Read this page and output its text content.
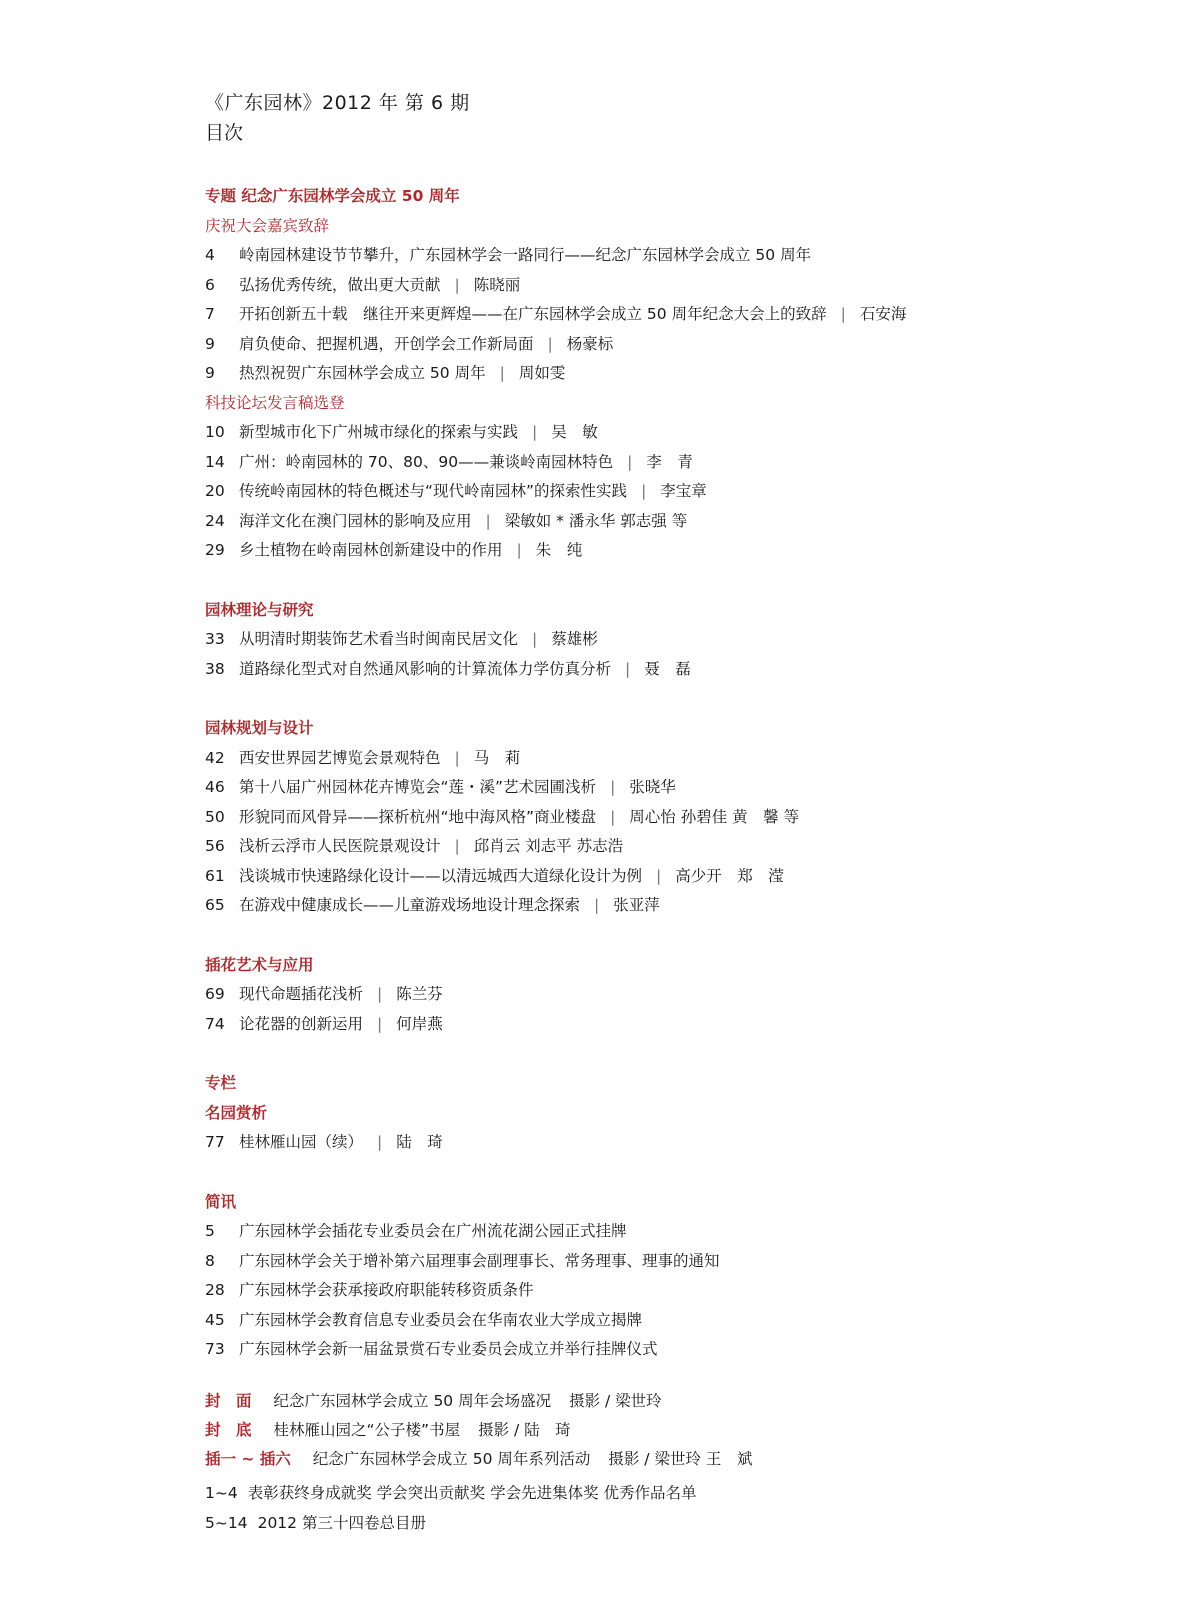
《广东园林》2012 年 第 6 期
目次
专题 纪念广东园林学会成立 50 周年
庆祝大会嘉宾致辞
4 岭南园林建设节节攀升，广东园林学会一路同行——纪念广东园林学会成立 50 周年
6 弘扬优秀传统，做出更大贡献 | 陈晓丽
7 开拓创新五十载　继往开来更辉煌——在广东园林学会成立 50 周年纪念大会上的致辞 | 石安海
9 肩负使命、把握机遇，开创学会工作新局面 | 杨豪标
9 热烈祝贺广东园林学会成立 50 周年 | 周如雯
科技论坛发言稿选登
10 新型城市化下广州城市绿化的探索与实践 | 吴　敏
14 广州：岭南园林的 70、80、90——兼谈岭南园林特色 | 李　青
20 传统岭南园林的特色概述与“现代岭南园林”的探索性实践 | 李宝章
24 海洋文化在澳门园林的影响及应用 | 梁敏如 * 潘永华 郭志强 等
29 乡土植物在岭南园林创新建设中的作用 | 朱　纯
园林理论与研究
33 从明清时期装饰艺术看当时闽南民居文化 | 蔡雄彬
38 道路绿化型式对自然通风影响的计算流体力学仿真分析 | 聂　磊
园林规划与设计
42 西安世界园艺博览会景观特色 | 马　莉
46 第十八届广州园林花卉博览会“莲・溪”艺术园圃浅析 | 张晓华
50 形貌同而风骨异——探析杭州“地中海风格”商业楼盘 | 周心怡 孙碧佳 黄　馨 等
56 浅析云浮市人民医院景观设计 | 邱肖云 刘志平 苏志浩
61 浅谈城市快速路绿化设计——以清远城西大道绿化设计为例 | 高少开　郑　滢
65 在游戏中健康成长——儿童游戏场地设计理念探索 | 张亚萍
插花艺术与应用
69 现代命题插花浅析 | 陈兰芬
74 论花器的创新运用 | 何岸燕
专栏
名园赏析
77 桂林雁山园（续） | 陆　琦
简讯
5 广东园林学会插花专业委员会在广州流花湖公园正式挂牌
8 广东园林学会关于增补第六届理事会副理事长、常务理事、理事的通知
28 广东园林学会获承接政府职能转移资质条件
45 广东园林学会教育信息专业委员会在华南农业大学成立揭牌
73 广东园林学会新一届盆景赏石专业委员会成立并举行挂牌仪式
封　面 纪念广东园林学会成立 50 周年会场盛况 摄影 / 梁世玲
封　底 桂林雁山园之“公子楼”书屋 摄影 / 陆　琦
插一 ~ 插六 纪念广东园林学会成立 50 周年系列活动 摄影 / 梁世玲 王　斌
1~4 表彰获终身成就奖 学会突出贡献奖 学会先进集体奖 优秀作品名单
5~14 2012 第三十四卷总目册
